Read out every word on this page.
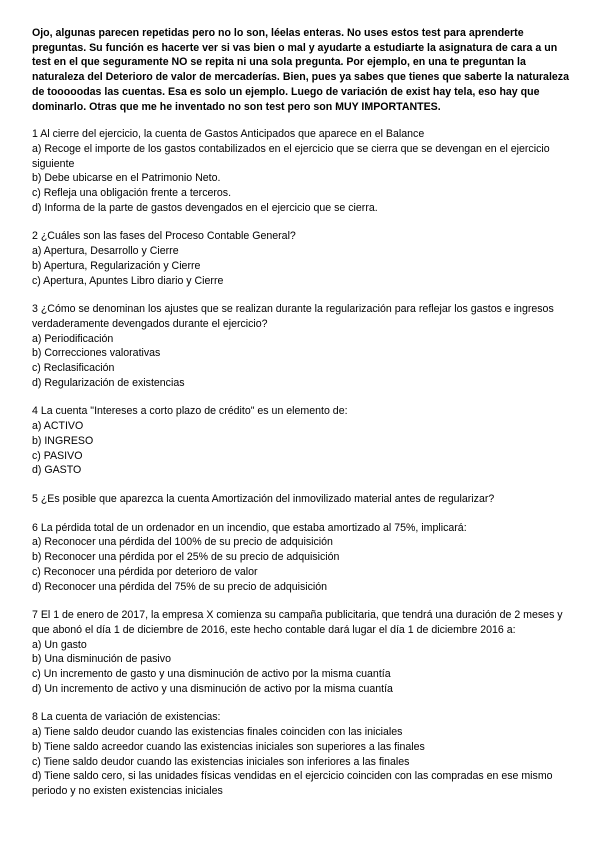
Ojo, algunas parecen repetidas pero no lo son, léelas enteras. No uses estos test para aprenderte preguntas. Su función es hacerte ver si vas bien o mal y ayudarte a estudiarte la asignatura de cara a un test en el que seguramente NO se repita ni una sola pregunta. Por ejemplo, en una te preguntan la naturaleza del Deterioro de valor de mercaderías. Bien, pues ya sabes que tienes que saberte la naturaleza de tooooodas las cuentas. Esa es solo un ejemplo. Luego de variación de exist hay tela, eso hay que dominarlo. Otras que me he inventado no son test pero son MUY IMPORTANTES.

1 Al cierre del ejercicio, la cuenta de Gastos Anticipados que aparece en el Balance

a) Recoge el importe de los gastos contabilizados en el ejercicio que se cierra que se devengan en el ejercicio siguiente

b) Debe ubicarse en el Patrimonio Neto.

c) Refleja una obligación frente a terceros.

d) Informa de la parte de gastos devengados en el ejercicio que se cierra.

2 ¿Cuáles son las fases del Proceso Contable General?

a) Apertura, Desarrollo y Cierre

b) Apertura, Regularización y Cierre

c) Apertura, Apuntes Libro diario y Cierre

3 ¿Cómo se denominan los ajustes que se realizan durante la regularización para reflejar los gastos e ingresos verdaderamente devengados durante el ejercicio?

a) Periodificación

b) Correcciones valorativas

c) Reclasificación

d) Regularización de existencias

4 La cuenta "Intereses a corto plazo de crédito" es un elemento de:

a) ACTIVO

b) INGRESO

c) PASIVO

d) GASTO

5 ¿Es posible que aparezca la cuenta Amortización del inmovilizado material antes de regularizar?

6 La pérdida total de un ordenador en un incendio, que estaba amortizado al 75%, implicará:

a) Reconocer una pérdida del 100% de su precio de adquisición

b) Reconocer una pérdida por el 25% de su precio de adquisición

c) Reconocer una pérdida por deterioro de valor

d) Reconocer una pérdida del 75% de su precio de adquisición

7 El 1 de enero de 2017, la empresa X comienza su campaña publicitaria, que tendrá una duración de 2 meses y que abonó el día 1 de diciembre de 2016, este hecho contable dará lugar el día 1 de diciembre 2016 a:

a) Un gasto

b) Una disminución de pasivo

c) Un incremento de gasto y una disminución de activo por la misma cuantía

d) Un incremento de activo y una disminución de activo por la misma cuantía

8 La cuenta de variación de existencias:

a) Tiene saldo deudor cuando las existencias finales coinciden con las iniciales

b) Tiene saldo acreedor cuando las existencias iniciales son superiores a las finales

c) Tiene saldo deudor cuando las existencias iniciales son inferiores a las finales

d) Tiene saldo cero, si las unidades físicas vendidas en el ejercicio coinciden con las compradas en ese mismo periodo y no existen existencias iniciales
